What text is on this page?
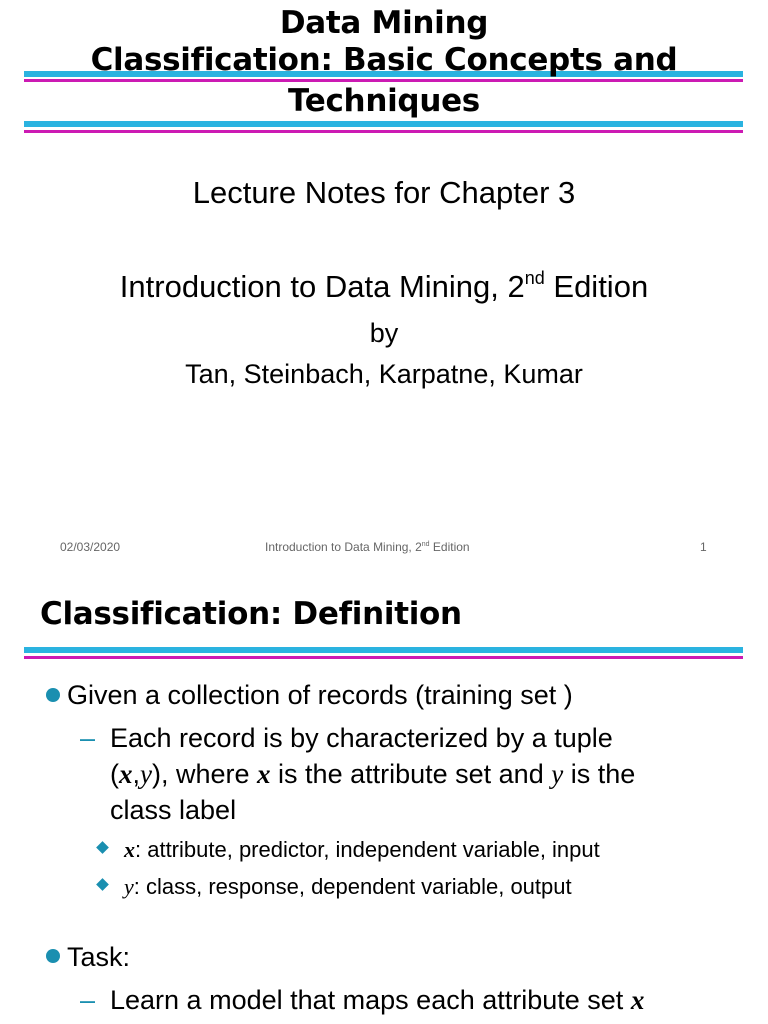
Data Mining
Classification: Basic Concepts and
Techniques
Lecture Notes for Chapter 3
Introduction to Data Mining, 2nd Edition
by
Tan, Steinbach, Karpatne, Kumar
02/03/2020	Introduction to Data Mining, 2nd Edition	1
Classification: Definition
Given a collection of records (training set )
– Each record is by characterized by a tuple
(x,y), where x is the attribute set and y is the
class label
x: attribute, predictor, independent variable, input
y: class, response, dependent variable, output
Task:
– Learn a model that maps each attribute set x
